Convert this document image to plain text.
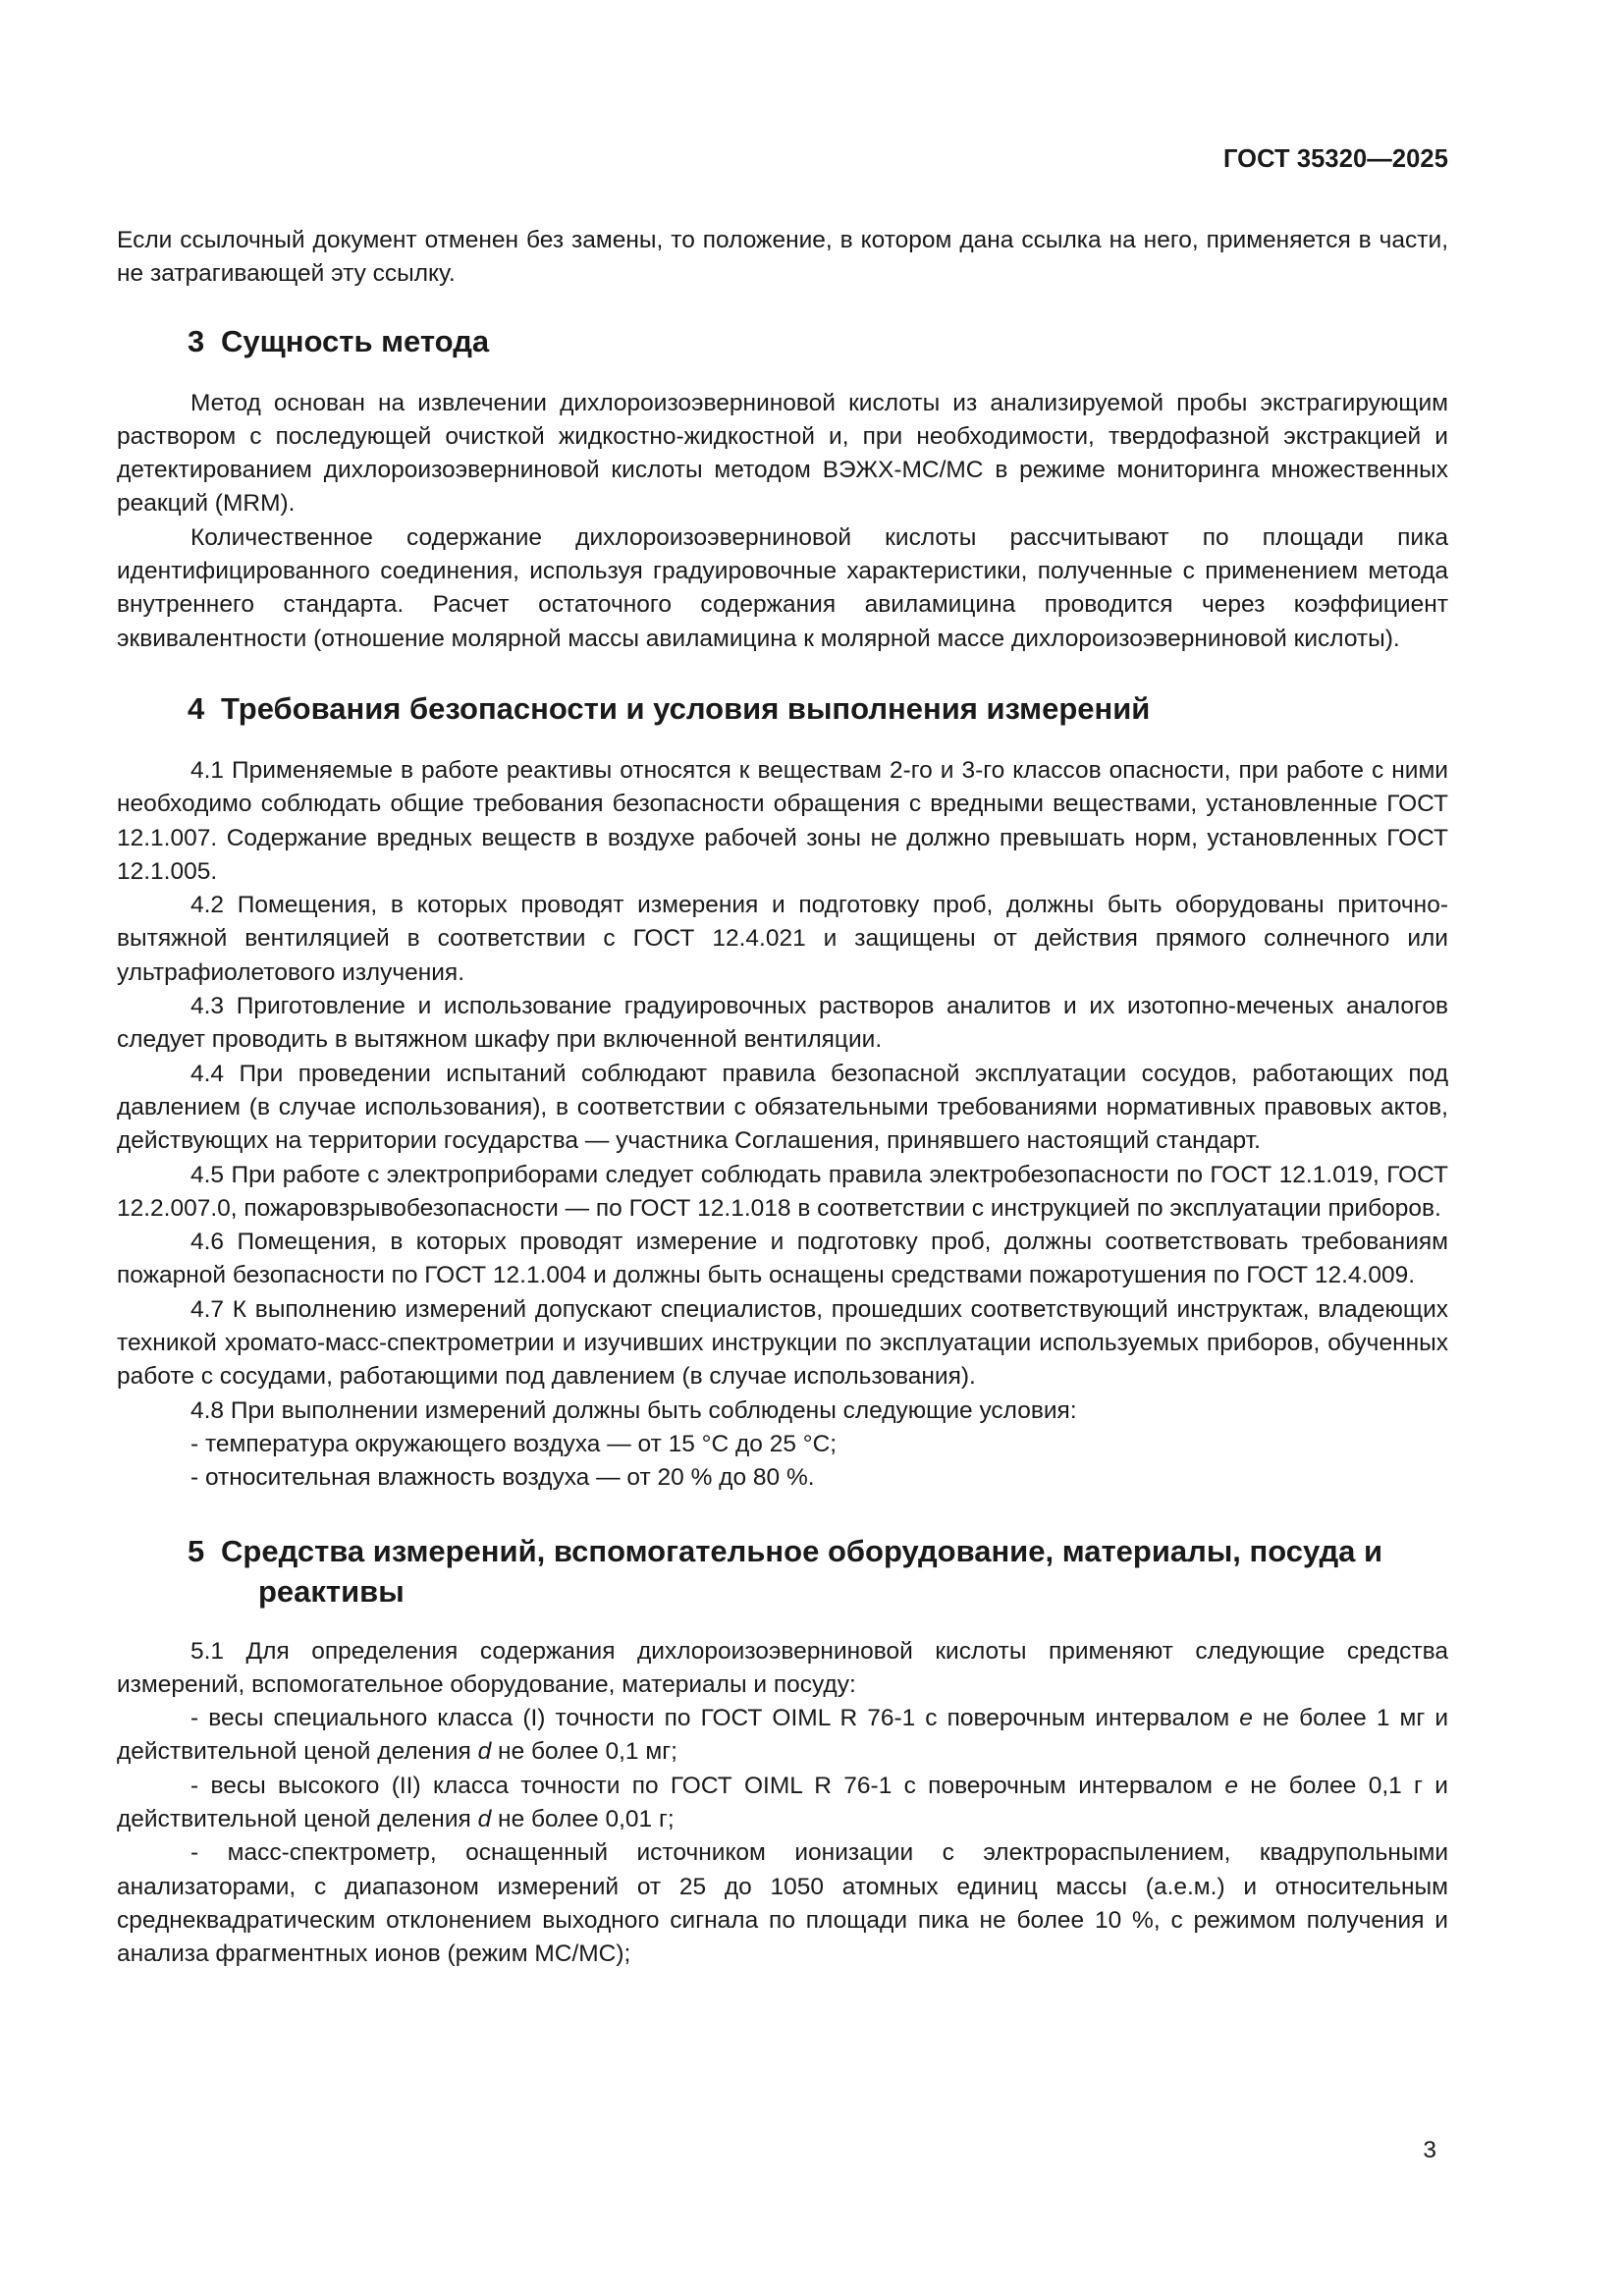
ГОСТ 35320—2025

Если ссылочный документ отменен без замены, то положение, в котором дана ссылка на него, применяется в части, не затрагивающей эту ссылку.

3 Сущность метода

Метод основан на извлечении дихлороизоэверниновой кислоты из анализируемой пробы экстрагирующим раствором с последующей очисткой жидкостно-жидкостной и, при необходимости, твердофазной экстракцией и детектированием дихлороизоэверниновой кислоты методом ВЭЖХ-МС/МС в режиме мониторинга множественных реакций (MRM).

Количественное содержание дихлороизоэверниновой кислоты рассчитывают по площади пика идентифицированного соединения, используя градуировочные характеристики, полученные с применением метода внутреннего стандарта. Расчет остаточного содержания авиламицина проводится через коэффициент эквивалентности (отношение молярной массы авиламицина к молярной массе дихлороизоэверниновой кислоты).

4 Требования безопасности и условия выполнения измерений

4.1 Применяемые в работе реактивы относятся к веществам 2-го и 3-го классов опасности, при работе с ними необходимо соблюдать общие требования безопасности обращения с вредными веществами, установленные ГОСТ 12.1.007. Содержание вредных веществ в воздухе рабочей зоны не должно превышать норм, установленных ГОСТ 12.1.005.

4.2 Помещения, в которых проводят измерения и подготовку проб, должны быть оборудованы приточно-вытяжной вентиляцией в соответствии с ГОСТ 12.4.021 и защищены от действия прямого солнечного или ультрафиолетового излучения.

4.3 Приготовление и использование градуировочных растворов аналитов и их изотопно-меченых аналогов следует проводить в вытяжном шкафу при включенной вентиляции.

4.4 При проведении испытаний соблюдают правила безопасной эксплуатации сосудов, работающих под давлением (в случае использования), в соответствии с обязательными требованиями нормативных правовых актов, действующих на территории государства — участника Соглашения, принявшего настоящий стандарт.

4.5 При работе с электроприборами следует соблюдать правила электробезопасности по ГОСТ 12.1.019, ГОСТ 12.2.007.0, пожаровзрывобезопасности — по ГОСТ 12.1.018 в соответствии с инструкцией по эксплуатации приборов.

4.6 Помещения, в которых проводят измерение и подготовку проб, должны соответствовать требованиям пожарной безопасности по ГОСТ 12.1.004 и должны быть оснащены средствами пожаротушения по ГОСТ 12.4.009.

4.7 К выполнению измерений допускают специалистов, прошедших соответствующий инструктаж, владеющих техникой хромато-масс-спектрометрии и изучивших инструкции по эксплуатации используемых приборов, обученных работе с сосудами, работающими под давлением (в случае использования).

4.8 При выполнении измерений должны быть соблюдены следующие условия:

- температура окружающего воздуха — от 15 °С до 25 °С;

- относительная влажность воздуха — от 20 % до 80 %.

5 Средства измерений, вспомогательное оборудование, материалы, посуда и реактивы

5.1 Для определения содержания дихлороизоэверниновой кислоты применяют следующие средства измерений, вспомогательное оборудование, материалы и посуду:

- весы специального класса (I) точности по ГОСТ OIML R 76-1 с поверочным интервалом e не более 1 мг и действительной ценой деления d не более 0,1 мг;

- весы высокого (II) класса точности по ГОСТ OIML R 76-1 с поверочным интервалом e не более 0,1 г и действительной ценой деления d не более 0,01 г;

- масс-спектрометр, оснащенный источником ионизации с электрораспылением, квадрупольными анализаторами, с диапазоном измерений от 25 до 1050 атомных единиц массы (а.е.м.) и относительным среднеквадратическим отклонением выходного сигнала по площади пика не более 10 %, с режимом получения и анализа фрагментных ионов (режим МС/МС);

3
